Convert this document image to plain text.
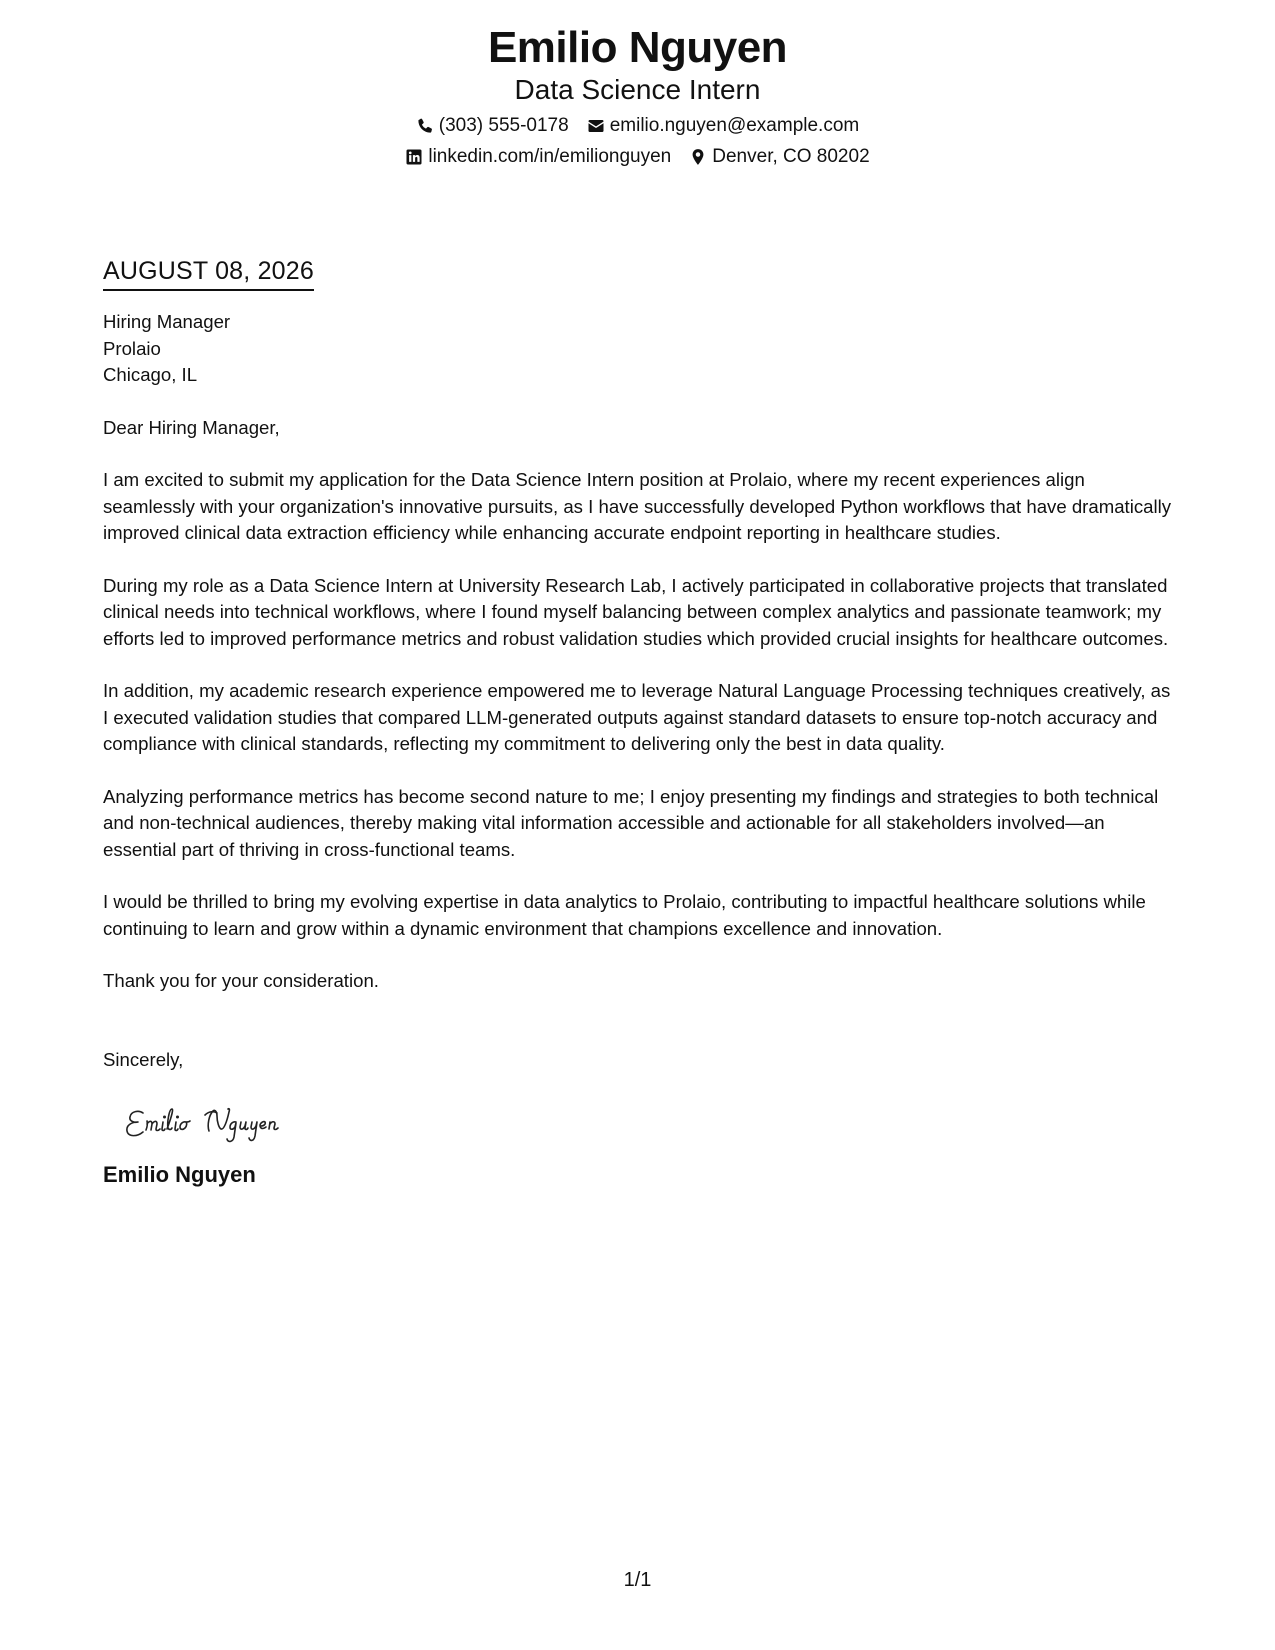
Emilio Nguyen
Data Science Intern
(303) 555-0178 emilio.nguyen@example.com
linkedin.com/in/emilionguyen Denver, CO 80202
AUGUST 08, 2026
Hiring Manager
Prolaio
Chicago, IL
Dear Hiring Manager,

I am excited to submit my application for the Data Science Intern position at Prolaio, where my recent experiences align seamlessly with your organization's innovative pursuits, as I have successfully developed Python workflows that have dramatically improved clinical data extraction efficiency while enhancing accurate endpoint reporting in healthcare studies.

During my role as a Data Science Intern at University Research Lab, I actively participated in collaborative projects that translated clinical needs into technical workflows, where I found myself balancing between complex analytics and passionate teamwork; my efforts led to improved performance metrics and robust validation studies which provided crucial insights for healthcare outcomes.

In addition, my academic research experience empowered me to leverage Natural Language Processing techniques creatively, as I executed validation studies that compared LLM-generated outputs against standard datasets to ensure top-notch accuracy and compliance with clinical standards, reflecting my commitment to delivering only the best in data quality.

Analyzing performance metrics has become second nature to me; I enjoy presenting my findings and strategies to both technical and non-technical audiences, thereby making vital information accessible and actionable for all stakeholders involved—an essential part of thriving in cross-functional teams.

I would be thrilled to bring my evolving expertise in data analytics to Prolaio, contributing to impactful healthcare solutions while continuing to learn and grow within a dynamic environment that champions excellence and innovation.

Thank you for your consideration.

Sincerely,
Emilio Nguyen
1/1
